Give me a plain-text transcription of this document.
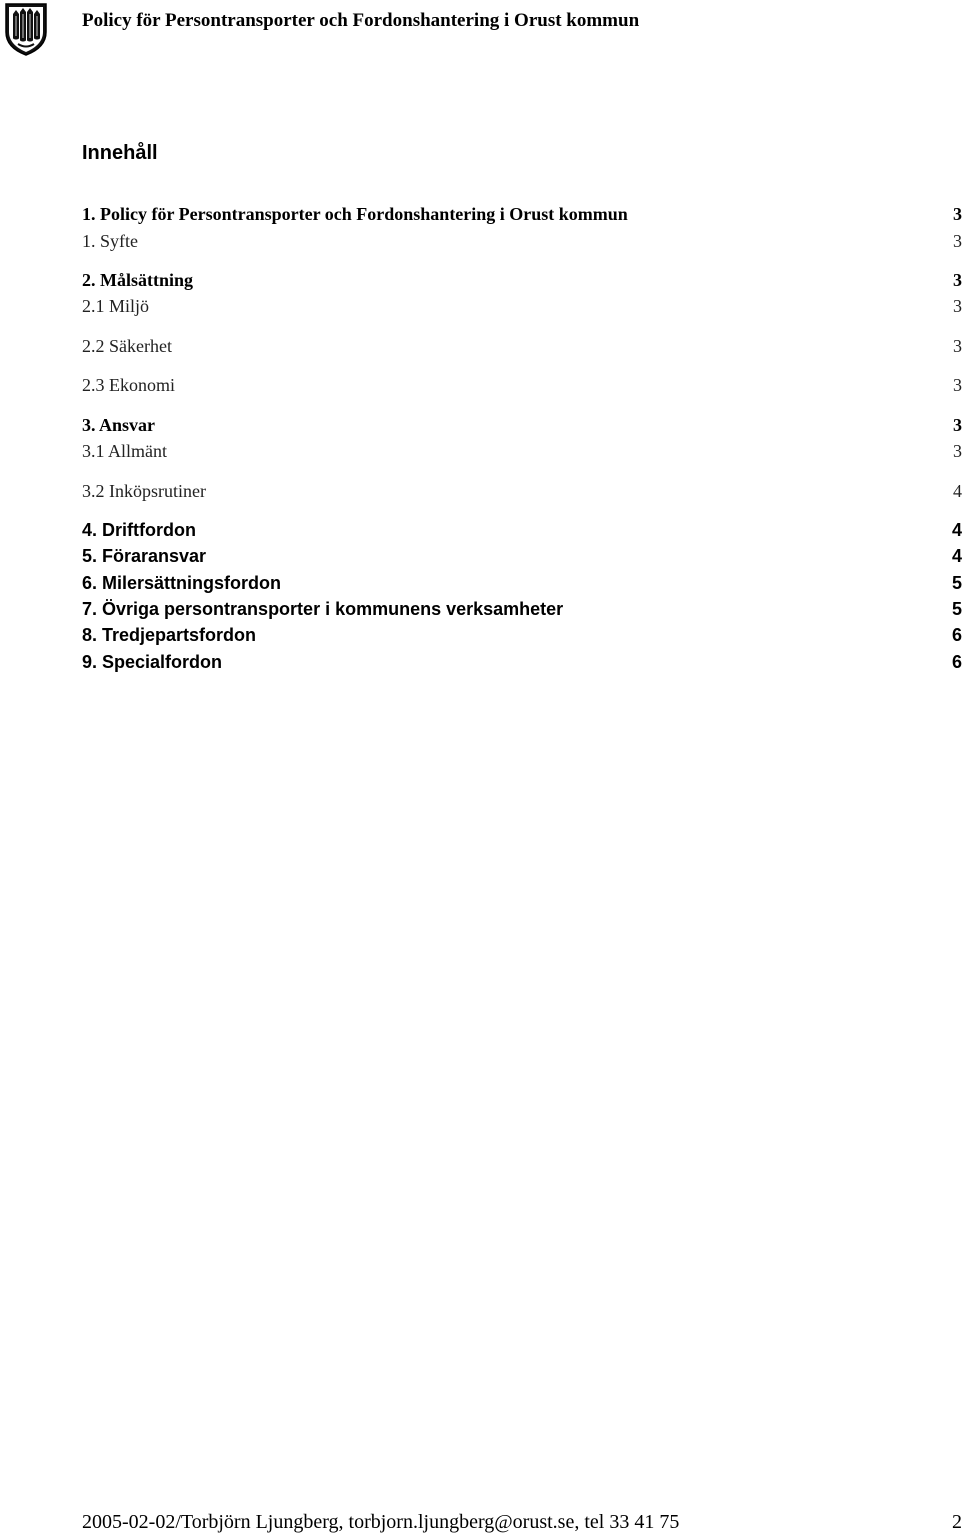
Policy för Persontransporter och Fordonshantering i Orust kommun
Innehåll
1. Policy för Persontransporter och Fordonshantering i Orust kommun	3
1. Syfte	3
2. Målsättning	3
2.1 Miljö	3
2.2 Säkerhet	3
2.3 Ekonomi	3
3. Ansvar	3
3.1 Allmänt	3
3.2 Inköpsrutiner	4
4. Driftfordon	4
5. Föraransvar	4
6. Milersättningsfordon	5
7. Övriga persontransporter i kommunens verksamheter	5
8. Tredjepartsfordon	6
9. Specialfordon	6
2005-02-02/Torbjörn Ljungberg, torbjorn.ljungberg@orust.se, tel 33 41 75	2
